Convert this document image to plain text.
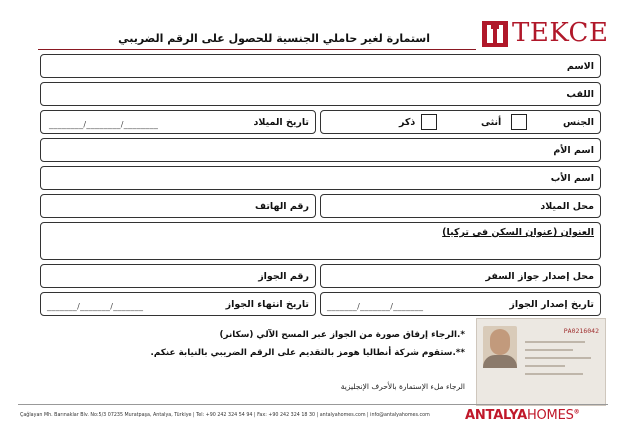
استمارة لغير حاملي الجنسية للحصول على الرقم الضريبي	TEKCE
الاسم
اللقب
الجنس
أنثى
ذكر
تاريخ الميلاد
________/________/________
اسم الأم
اسم الأب
محل الميلاد
رقم الهاتف
العنوان (عنوان السكن في تركيا)
محل إصدار جواز السفر
رقم الجواز
تاريخ إصدار الجواز
_______/_______/_______
تاريخ انتهاء الجواز
_______/_______/_______
*.الرجاء إرفاق صورة من الجواز عبر المسح الآلي (سكانر)
**.ستقوم شركة أنطاليا هومز بالتقديم على الرقم الضريبي بالنيابة عنكم.
الرجاء ملء الإستمارة بالأحرف الإنجليزية
PA0216042
Çağlayan Mh. Barınaklar Blv. No:5/3 07235 Muratpaşa, Antalya, Türkiye | Tel: +90 242 324 54 94 | Fax: +90 242 324 18 30 | antalyahomes.com | info@antalyahomes.com	ANTALYAHOMES®
